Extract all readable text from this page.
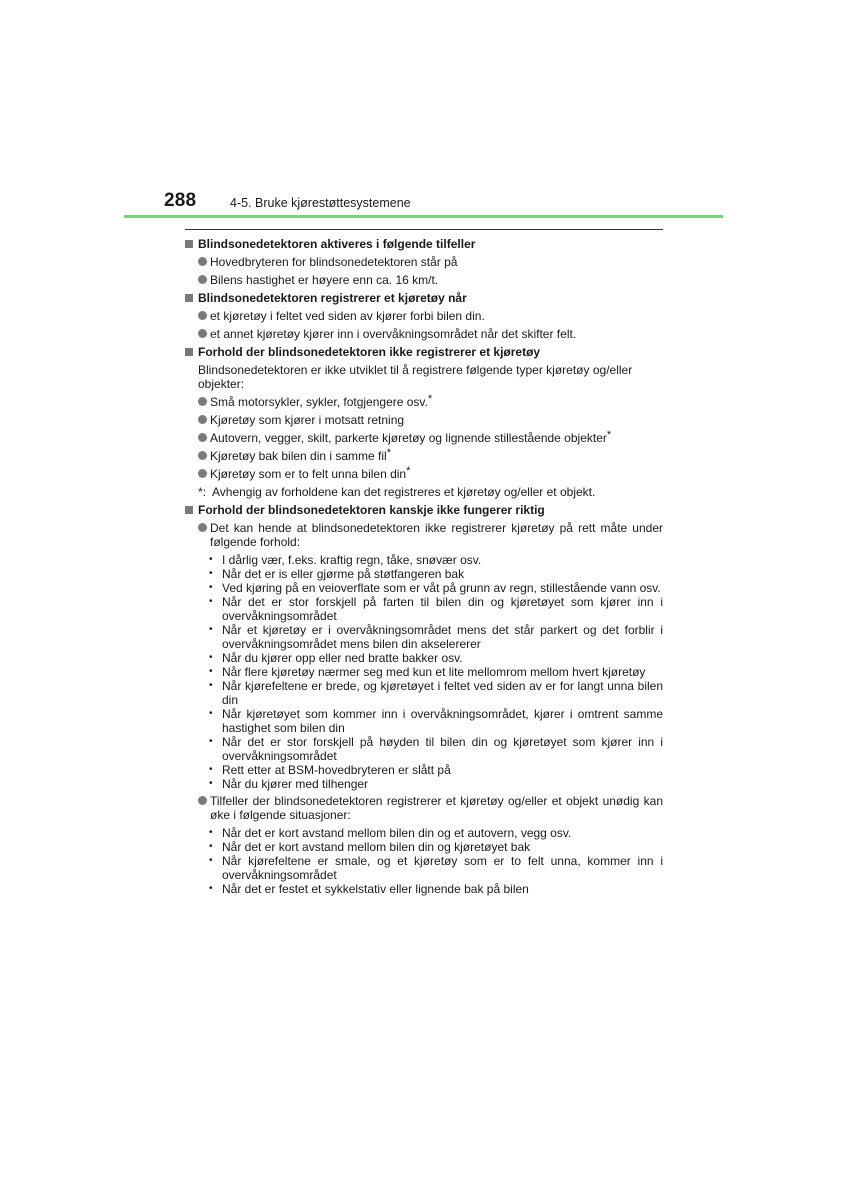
288	4-5. Bruke kjørestøttesystemene
Blindsonedetektoren aktiveres i følgende tilfeller
Hovedbryteren for blindsonedetektoren står på
Bilens hastighet er høyere enn ca. 16 km/t.
Blindsonedetektoren registrerer et kjøretøy når
et kjøretøy i feltet ved siden av kjører forbi bilen din.
et annet kjøretøy kjører inn i overvåkningsområdet når det skifter felt.
Forhold der blindsonedetektoren ikke registrerer et kjøretøy
Blindsonedetektoren er ikke utviklet til å registrere følgende typer kjøretøy og/eller objekter:
Små motorsykler, sykler, fotgjengere osv.*
Kjøretøy som kjører i motsatt retning
Autovern, vegger, skilt, parkerte kjøretøy og lignende stillestående objekter*
Kjøretøy bak bilen din i samme fil*
Kjøretøy som er to felt unna bilen din*
*: Avhengig av forholdene kan det registreres et kjøretøy og/eller et objekt.
Forhold der blindsonedetektoren kanskje ikke fungerer riktig
Det kan hende at blindsonedetektoren ikke registrerer kjøretøy på rett måte under følgende forhold:
• I dårlig vær, f.eks. kraftig regn, tåke, snøvær osv.
• Når det er is eller gjørme på støtfangeren bak
• Ved kjøring på en veioverflate som er våt på grunn av regn, stillestående vann osv.
• Når det er stor forskjell på farten til bilen din og kjøretøyet som kjører inn i overvåkningsområdet
• Når et kjøretøy er i overvåkningsområdet mens det står parkert og det forblir i overvåkningsområdet mens bilen din akselererer
• Når du kjører opp eller ned bratte bakker osv.
• Når flere kjøretøy nærmer seg med kun et lite mellomrom mellom hvert kjøretøy
• Når kjørefeltene er brede, og kjøretøyet i feltet ved siden av er for langt unna bilen din
• Når kjøretøyet som kommer inn i overvåkningsområdet, kjører i omtrent samme hastighet som bilen din
• Når det er stor forskjell på høyden til bilen din og kjøretøyet som kjører inn i overvåkningsområdet
• Rett etter at BSM-hovedbryteren er slått på
• Når du kjører med tilhenger
Tilfeller der blindsonedetektoren registrerer et kjøretøy og/eller et objekt unødig kan øke i følgende situasjoner:
• Når det er kort avstand mellom bilen din og et autovern, vegg osv.
• Når det er kort avstand mellom bilen din og kjøretøyet bak
• Når kjørefeltene er smale, og et kjøretøy som er to felt unna, kommer inn i overvåkningsområdet
• Når det er festet et sykkelstativ eller lignende bak på bilen
